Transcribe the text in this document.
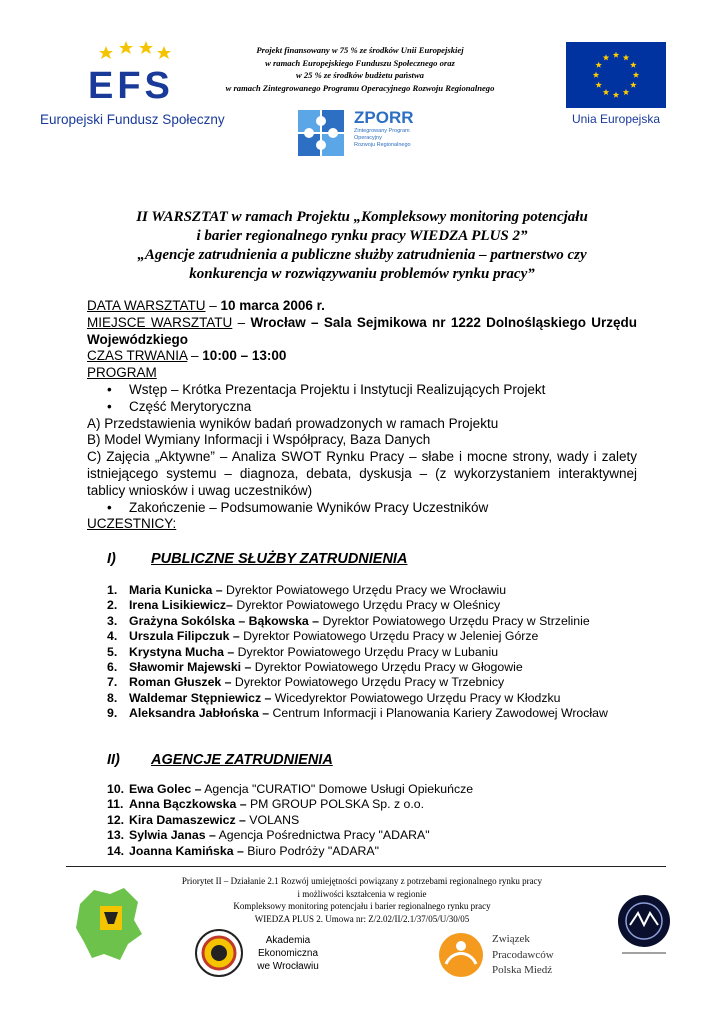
EFS
Europejski Fundusz Społeczny
Projekt finansowany w 75 % ze środków Unii Europejskiej
w ramach Europejskiego Funduszu Społecznego oraz
w 25 % ze środków budżetu państwa
w ramach Zintegrowanego Programu Operacyjnego Rozwoju Regionalnego
Unia Europejska
ZPORR
Zintegrowany Program
Operacyjny
Rozwoju Regionalnego
II WARSZTAT w ramach Projektu „Kompleksowy monitoring potencjału
i barier regionalnego rynku pracy WIEDZA PLUS 2”
„Agencje zatrudnienia a publiczne służby zatrudnienia – partnerstwo czy
konkurencja w rozwiązywaniu problemów rynku pracy”
DATA WARSZTATU – 10 marca 2006 r.
MIEJSCE WARSZTATU – Wrocław – Sala Sejmikowa nr 1222 Dolnośląskiego Urzędu Wojewódzkiego
CZAS TRWANIA – 10:00 – 13:00
PROGRAM
• Wstęp – Krótka Prezentacja Projektu i Instytucji Realizujących Projekt
• Część Merytoryczna
A) Przedstawienia wyników badań prowadzonych w ramach Projektu
B) Model Wymiany Informacji i Współpracy, Baza Danych
C) Zajęcia „Aktywne” – Analiza SWOT Rynku Pracy – słabe i mocne strony, wady i zalety istniejącego systemu – diagnoza, debata, dyskusja – (z wykorzystaniem interaktywnej tablicy wniosków i uwag uczestników)
• Zakończenie – Podsumowanie Wyników Pracy Uczestników
UCZESTNICY:
I) PUBLICZNE SŁUŻBY ZATRUDNIENIA
1. Maria Kunicka – Dyrektor Powiatowego Urzędu Pracy we Wrocławiu
2. Irena Lisikiewicz– Dyrektor Powiatowego Urzędu Pracy w Oleśnicy
3. Grażyna Sokólska – Bąkowska – Dyrektor Powiatowego Urzędu Pracy w Strzelinie
4. Urszula Filipczuk – Dyrektor Powiatowego Urzędu Pracy w Jeleniej Górze
5. Krystyna Mucha – Dyrektor Powiatowego Urzędu Pracy w Lubaniu
6. Sławomir Majewski – Dyrektor Powiatowego Urzędu Pracy w Głogowie
7. Roman Głuszek – Dyrektor Powiatowego Urzędu Pracy w Trzebnicy
8. Waldemar Stępniewicz – Wicedyrektor Powiatowego Urzędu Pracy w Kłodzku
9. Aleksandra Jabłońska – Centrum Informacji i Planowania Kariery Zawodowej Wrocław
II) AGENCJE ZATRUDNIENIA
10. Ewa Golec – Agencja "CURATIO" Domowe Usługi Opiekuńcze
11. Anna Bączkowska – PM GROUP POLSKA Sp. z o.o.
12. Kira Damaszewicz – VOLANS
13. Sylwia Janas – Agencja Pośrednictwa Pracy "ADARA"
14. Joanna Kamińska – Biuro Podróży "ADARA"
Priorytet II – Działanie 2.1 Rozwój umiejętności powiązany z potrzebami regionalnego rynku pracy
i możliwości kształcenia w regionie
Kompleksowy monitoring potencjału i barier regionalnego rynku pracy
WIEDZA PLUS 2. Umowa nr: Z/2.02/II/2.1/37/05/U/30/05
Akademia
Ekonomiczna
we Wrocławiu
Związek
Pracodawców
Polska Miedź
